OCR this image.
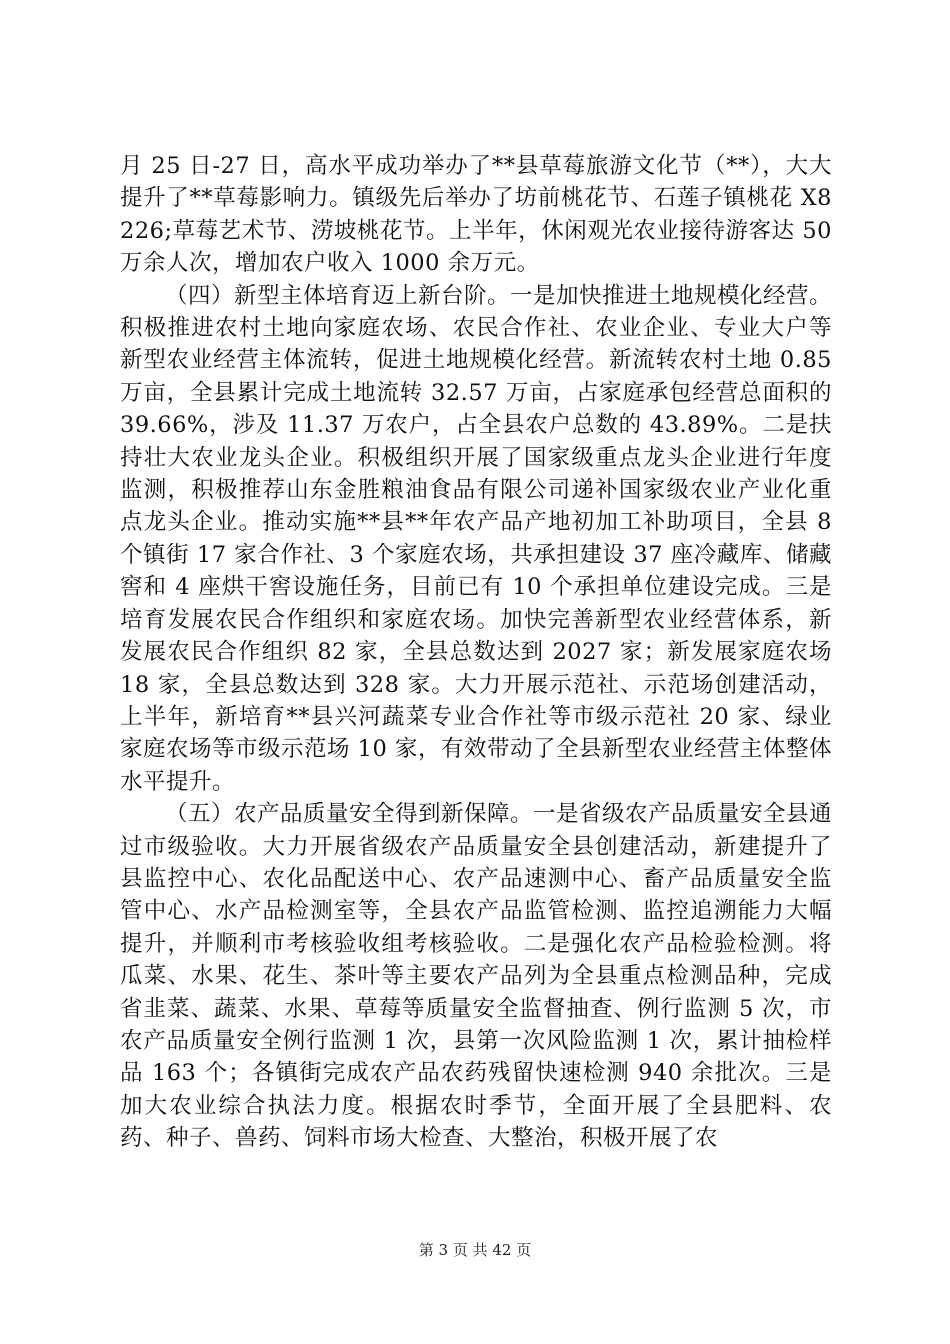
月 25 日-27 日，高水平成功举办了**县草莓旅游文化节（**），大大提升了**草莓影响力。镇级先后举办了坊前桃花节、石莲子镇桃花 X8226;草莓艺术节、涝坡桃花节。上半年，休闲观光农业接待游客达 50 万余人次，增加农户收入 1000 余万元。

（四）新型主体培育迈上新台阶。一是加快推进土地规模化经营。积极推进农村土地向家庭农场、农民合作社、农业企业、专业大户等新型农业经营主体流转，促进土地规模化经营。新流转农村土地 0.85 万亩，全县累计完成土地流转 32.57 万亩，占家庭承包经营总面积的 39.66%，涉及 11.37 万农户，占全县农户总数的 43.89%。二是扶持壮大农业龙头企业。积极组织开展了国家级重点龙头企业进行年度监测，积极推荐山东金胜粮油食品有限公司递补国家级农业产业化重点龙头企业。推动实施**县**年农产品产地初加工补助项目，全县 8 个镇街 17 家合作社、3 个家庭农场，共承担建设 37 座冷藏库、储藏窖和 4 座烘干窖设施任务，目前已有 10 个承担单位建设完成。三是培育发展农民合作组织和家庭农场。加快完善新型农业经营体系，新发展农民合作组织 82 家，全县总数达到 2027 家；新发展家庭农场 18 家，全县总数达到 328 家。大力开展示范社、示范场创建活动，上半年，新培育**县兴河蔬菜专业合作社等市级示范社 20 家、绿业家庭农场等市级示范场 10 家，有效带动了全县新型农业经营主体整体水平提升。

（五）农产品质量安全得到新保障。一是省级农产品质量安全县通过市级验收。大力开展省级农产品质量安全县创建活动，新建提升了县监控中心、农化品配送中心、农产品速测中心、畜产品质量安全监管中心、水产品检测室等，全县农产品监管检测、监控追溯能力大幅提升，并顺利市考核验收组考核验收。二是强化农产品检验检测。将瓜菜、水果、花生、茶叶等主要农产品列为全县重点检测品种，完成省韭菜、蔬菜、水果、草莓等质量安全监督抽查、例行监测 5 次，市农产品质量安全例行监测 1 次，县第一次风险监测 1 次，累计抽检样品 163 个；各镇街完成农产品农药残留快速检测 940 余批次。三是加大农业综合执法力度。根据农时季节，全面开展了全县肥料、农药、种子、兽药、饲料市场大检查、大整治，积极开展了农

第 3 页 共 42 页
